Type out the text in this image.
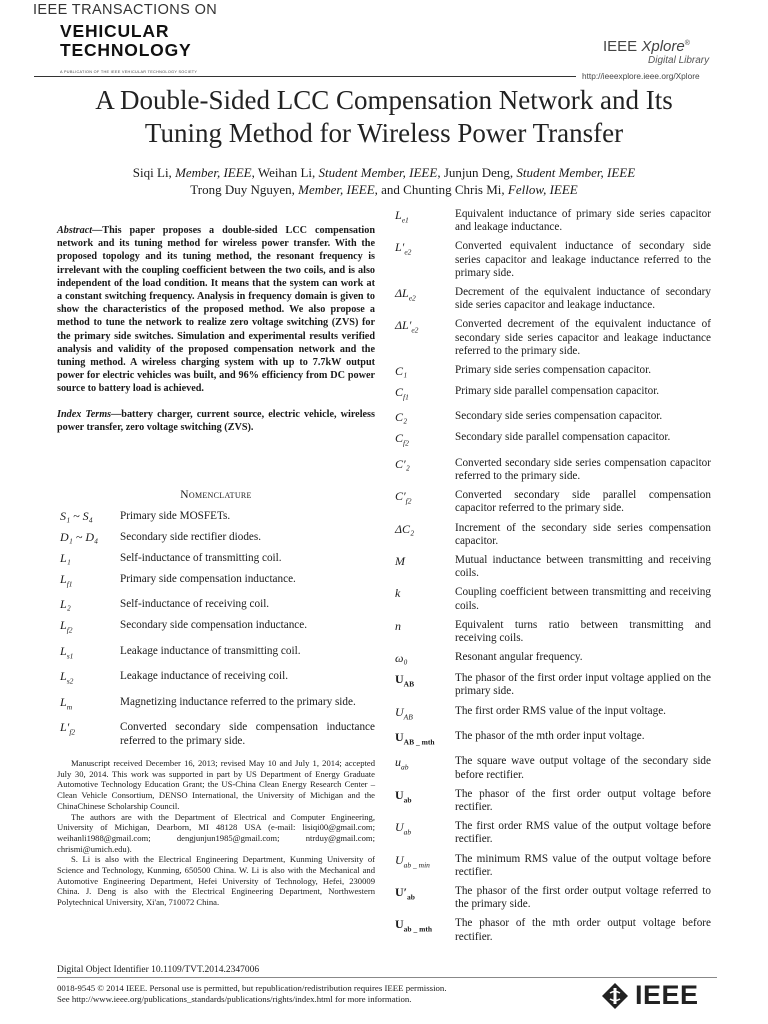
IEEE TRANSACTIONS ON
VEHICULAR
TECHNOLOGY
A PUBLICATION OF THE IEEE VEHICULAR TECHNOLOGY SOCIETY
IEEE Xplore®
Digital Library
http://ieeexplore.ieee.org/Xplore
A Double-Sided LCC Compensation Network and Its
Tuning Method for Wireless Power Transfer
Siqi Li, Member, IEEE, Weihan Li, Student Member, IEEE, Junjun Deng, Student Member, IEEE
Trong Duy Nguyen, Member, IEEE, and Chunting Chris Mi, Fellow, IEEE

Abstract—This paper proposes a double-sided LCC compensation network and its tuning method for wireless power transfer. With the proposed topology and its tuning method, the resonant frequency is irrelevant with the coupling coefficient between the two coils, and is also independent of the load condition. It means that the system can work at a constant switching frequency. Analysis in frequency domain is given to show the characteristics of the proposed method. We also propose a method to tune the network to realize zero voltage switching (ZVS) for the primary side switches. Simulation and experimental results verified analysis and validity of the proposed compensation network and the tuning method. A wireless charging system with up to 7.7kW output power for electric vehicles was built, and 96% efficiency from DC power source to battery load is achieved.

Index Terms—battery charger, current source, electric vehicle, wireless power transfer, zero voltage switching (ZVS).

Nomenclature
S₁ ~ S₄	Primary side MOSFETs.
D₁ ~ D₄	Secondary side rectifier diodes.
L₁	Self-inductance of transmitting coil.
$L_{f1}$	Primary side compensation inductance.
L₂	Self-inductance of receiving coil.
$L_{f2}$	Secondary side compensation inductance.
$L_{s1}$	Leakage inductance of transmitting coil.
$L_{s2}$	Leakage inductance of receiving coil.
$L_m$	Magnetizing inductance referred to the primary side.
$L'_{f2}$	Converted secondary side compensation inductance referred to the primary side.
$L_{e1}$	Equivalent inductance of primary side series capacitor and leakage inductance.
$L'_{e2}$	Converted equivalent inductance of secondary side series capacitor and leakage inductance referred to the primary side.
$\Delta L_{e2}$	Decrement of the equivalent inductance of secondary side series capacitor and leakage inductance.
$\Delta L'_{e2}$	Converted decrement of the equivalent inductance of secondary side series capacitor and leakage inductance referred to the primary side.
C₁	Primary side series compensation capacitor.
$C_{f1}$	Primary side parallel compensation capacitor.
C₂	Secondary side series compensation capacitor.
$C_{f2}$	Secondary side parallel compensation capacitor.
C′₂	Converted secondary side series compensation capacitor referred to the primary side.
$C'_{f2}$	Converted secondary side parallel compensation capacitor referred to the primary side.
ΔC₂	Increment of the secondary side series compensation capacitor.
M	Mutual inductance between transmitting and receiving coils.
k	Coupling coefficient between transmitting and receiving coils.
n	Equivalent turns ratio between transmitting and receiving coils.
ω₀	Resonant angular frequency.
$U_{AB}$	The phasor of the first order input voltage applied on the primary side.
$U_{AB}$	The first order RMS value of the input voltage.
$U_{AB \_ mth}$	The phasor of the mth order input voltage.
$u_{ab}$	The square wave output voltage of the secondary side before rectifier.
$U_{ab}$	The phasor of the first order output voltage before rectifier.
$U_{ab}$	The first order RMS value of the output voltage before rectifier.
$U_{ab \_ min}$	The minimum RMS value of the output voltage before rectifier.
$U'_{ab}$	The phasor of the first order output voltage referred to the primary side.
$U_{ab \_ mth}$	The phasor of the mth order output voltage before rectifier.

Manuscript received December 16, 2013; revised May 10 and July 1, 2014; accepted July 30, 2014. This work was supported in part by US Department of Energy Graduate Automotive Technology Education Grant; the US-China Clean Energy Research Center – Clean Vehicle Consortium, DENSO International, the University of Michigan and the ChinaChinese Scholarship Council.

The authors are with the Department of Electrical and Computer Engineering, University of Michigan, Dearborn, MI 48128 USA (e-mail: lisiqi00@gmail.com; weihanli1988@gmail.com; dengjunjun1985@gmail.com; ntrduy@gmail.com; chrismi@umich.edu).

S. Li is also with the Electrical Engineering Department, Kunming University of Science and Technology, Kunming, 650500 China. W. Li is also with the Mechanical and Automotive Engineering Department, Hefei University of Technology, Hefei, 230009 China. J. Deng is also with the Electrical Engineering Department, Northwestern Polytechnical University, Xi'an, 710072 China.

Digital Object Identifier 10.1109/TVT.2014.2347006
0018-9545 © 2014 IEEE. Personal use is permitted, but republication/redistribution requires IEEE permission.
See http://www.ieee.org/publications_standards/publications/rights/index.html for more information.	IEEE
